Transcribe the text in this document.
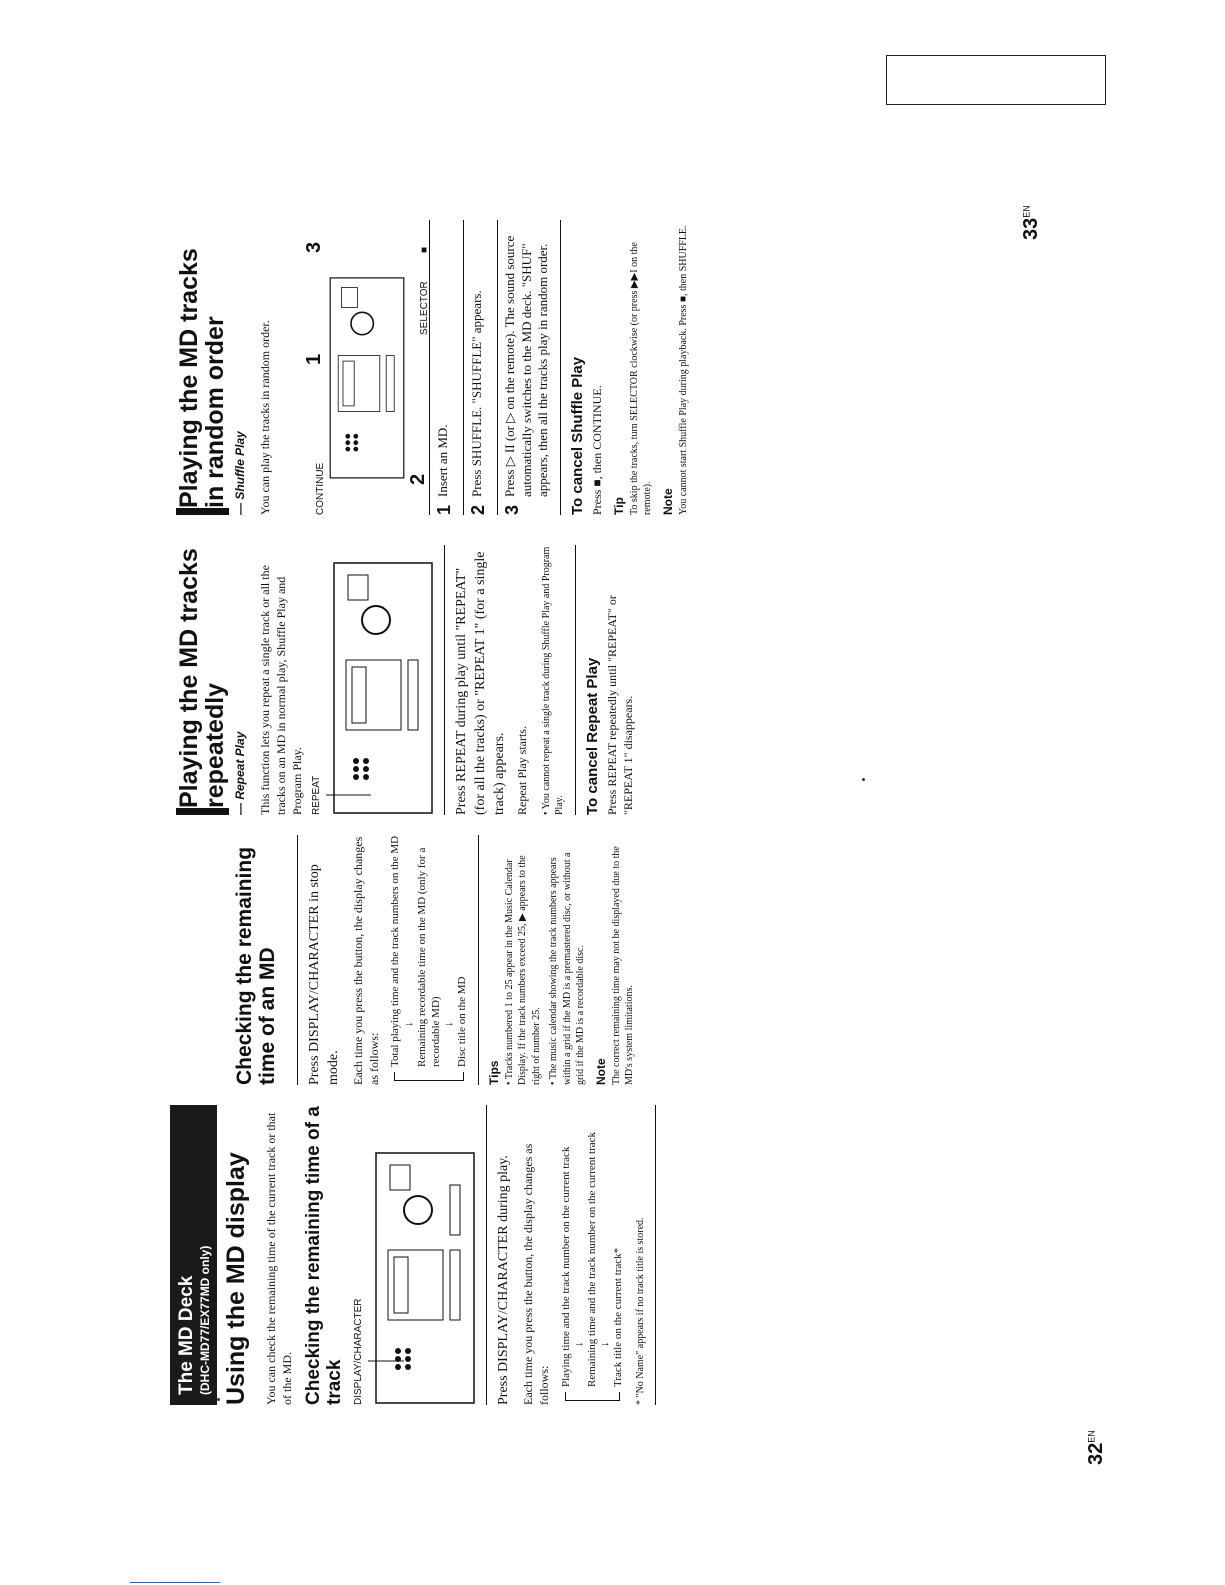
$33^{EN}$
$32^{EN}$
The MD Deck (DHC-MD77/EX77MD only) Using the MD display You can check the remaining time of the current track or that of the MD. Checking the remaining time of a track DISPLAY/CHARACTER	Press DISPLAY/CHARACTER during play. Each time you press the button, the display changes as follows: Playing time and the track number on the current track ↓ Remaining time and the track number on the current track ↓ Track title on the current track* * "No Name" appears if no track title is stored.
Checking the remaining time of an MD Press DISPLAY/CHARACTER in stop mode. Each time you press the button, the display changes as follows: Total playing time and the track numbers on the MD ↓ Remaining recordable time on the MD (only for a recordable MD) ↓ Disc title on the MD
Tips • Tracks numbered 1 to 25 appear in the Music Calendar Display. If the track numbers exceed 25, ▶ appears to the right of number 25. • The music calendar showing the track numbers appears within a grid if the MD is a premastered disc, or without a grid if the MD is a recordable disc. Note The correct remaining time may not be displayed due to the MD's system limitations.
Playing the MD tracks repeatedly — Repeat Play This function lets you repeat a single track or all the tracks on an MD in normal play, Shuffle Play and Program Play. REPEAT	Press REPEAT during play until "REPEAT" (for all the tracks) or "REPEAT 1" (for a single track) appears. Repeat Play starts. • You cannot repeat a single track during Shuffle Play and Program Play. To cancel Repeat Play Press REPEAT repeatedly until "REPEAT" or "REPEAT 1" disappears.
Playing the MD tracks in random order — Shuffle Play You can play the tracks in random order.	CONTINUE
1
3
2
SELECTOR
■
1 Insert an MD.
2 Press SHUFFLE. "SHUFFLE" appears.
3 Press ▷ II (or ▷ on the remote). The sound source automatically switches to the MD deck. "SHUF" appears, then all the tracks play in random order. To cancel Shuffle Play Press ■, then CONTINUE. Tip To skip the tracks, turn SELECTOR clockwise (or press ▶▶I on the remote). Note You cannot start Shuffle Play during playback. Press ■, then SHUFFLE.
